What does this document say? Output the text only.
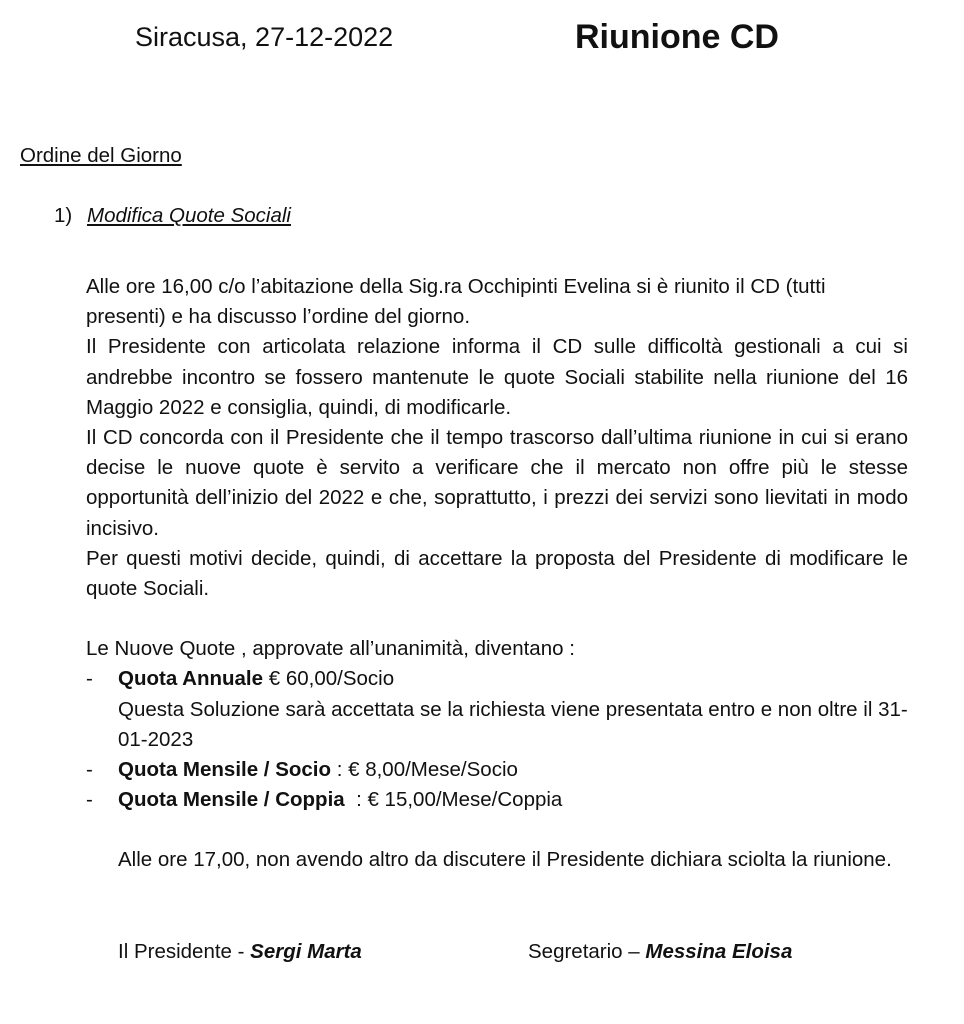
Siracusa, 27-12-2022	Riunione CD
Ordine del Giorno
1) Modifica Quote Sociali

Alle ore 16,00 c/o l’abitazione della Sig.ra Occhipinti Evelina si è riunito il CD (tutti presenti) e ha discusso l’ordine del giorno.

Il Presidente con articolata relazione informa il CD sulle difficoltà gestionali a cui si andrebbe incontro se fossero mantenute le quote Sociali stabilite nella riunione del 16 Maggio 2022 e consiglia, quindi, di modificarle.

Il CD concorda con il Presidente che il tempo trascorso dall’ultima riunione in cui si erano decise le nuove quote è servito a verificare che il mercato non offre più le stesse opportunità dell’inizio del 2022 e che, soprattutto, i prezzi dei servizi sono lievitati in modo incisivo.

Per questi motivi decide, quindi, di accettare la proposta del Presidente di modificare le quote Sociali.

Le Nuove Quote , approvate all’unanimità, diventano :

- Quota Annuale € 60,00/Socio
Questa Soluzione sarà accettata se la richiesta viene presentata entro e non oltre il 31-01-2023
- Quota Mensile / Socio : € 8,00/Mese/Socio
- Quota Mensile / Coppia  : € 15,00/Mese/Coppia

Alle ore 17,00, non avendo altro da discutere il Presidente dichiara sciolta la riunione.

Il Presidente - Sergi Marta	Segretario – Messina Eloisa
